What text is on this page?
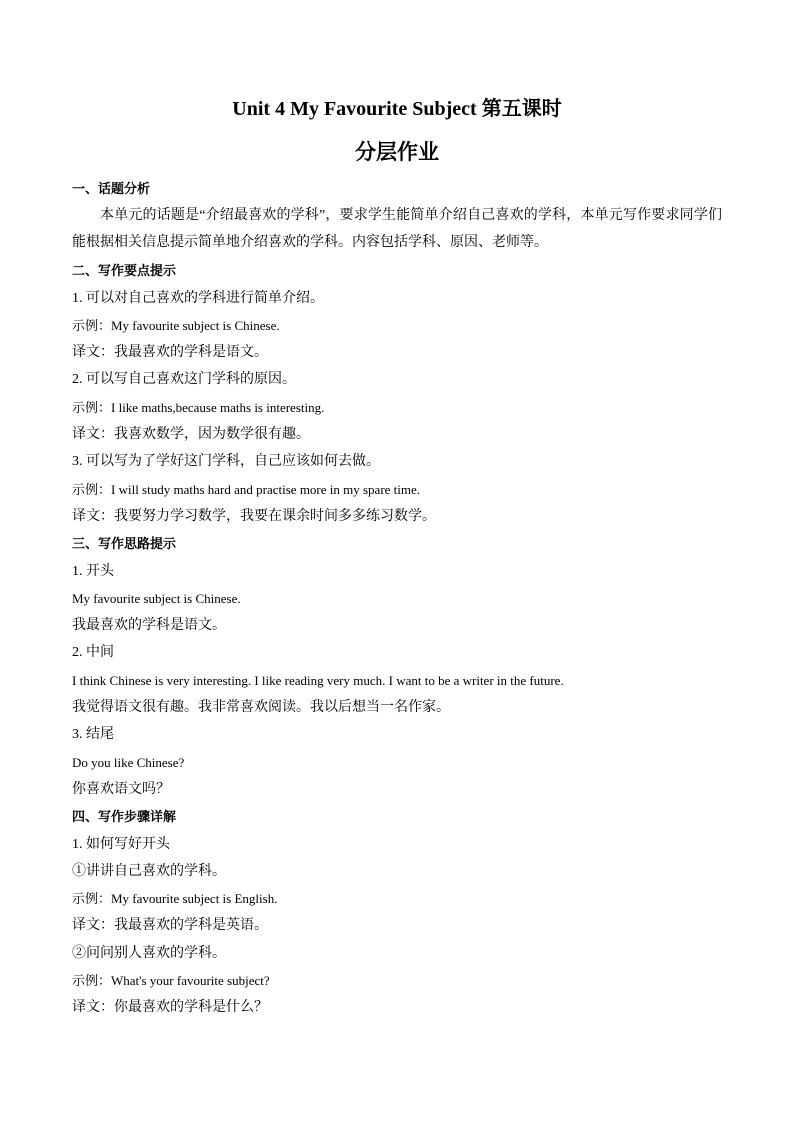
Unit 4 My Favourite Subject 第五课时
分层作业
一、话题分析
本单元的话题是“介绍最喜欢的学科”，要求学生能简单介绍自己喜欢的学科，本单元写作要求同学们能根据相关信息提示简单地介绍喜欢的学科。内容包括学科、原因、老师等。
二、写作要点提示
1. 可以对自己喜欢的学科进行简单介绍。
示例：My favourite subject is Chinese.
译文：我最喜欢的学科是语文。
2. 可以写自己喜欢这门学科的原因。
示例：I like maths,because maths is interesting.
译文：我喜欢数学，因为数学很有趣。
3. 可以写为了学好这门学科，自己应该如何去做。
示例：I will study maths hard and practise more in my spare time.
译文：我要努力学习数学，我要在课余时间多多练习数学。
三、写作思路提示
1. 开头
My favourite subject is Chinese.
我最喜欢的学科是语文。
2. 中间
I think Chinese is very interesting. I like reading very much. I want to be a writer in the future.
我觉得语文很有趣。我非常喜欢阅读。我以后想当一名作家。
3. 结尾
Do you like Chinese?
你喜欢语文吗？
四、写作步骤详解
1. 如何写好开头
①讲讲自己喜欢的学科。
示例：My favourite subject is English.
译文：我最喜欢的学科是英语。
②问问别人喜欢的学科。
示例：What's your favourite subject?
译文：你最喜欢的学科是什么？
